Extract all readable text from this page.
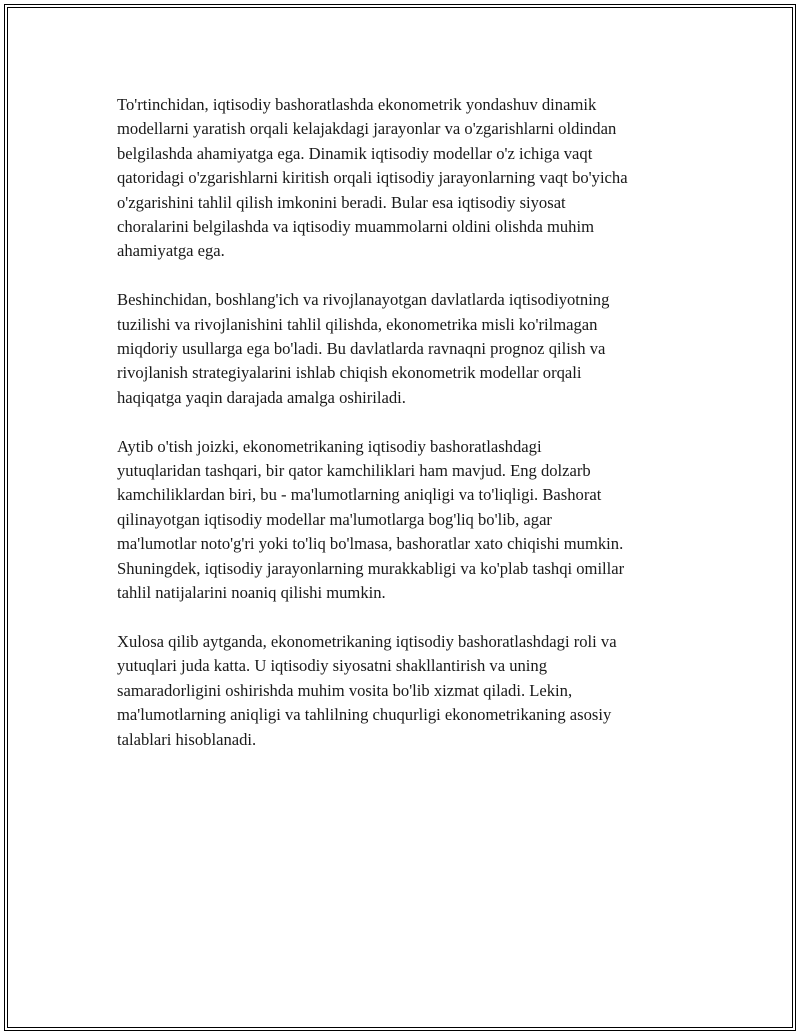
To'rtinchidan, iqtisodiy bashoratlashda ekonometrik yondashuv dinamik
modellarni yaratish orqali kelajakdagi jarayonlar va o'zgarishlarni oldindan
belgilashda ahamiyatga ega. Dinamik iqtisodiy modellar o'z ichiga vaqt
qatoridagi o'zgarishlarni kiritish orqali iqtisodiy jarayonlarning vaqt bo'yicha
o'zgarishini tahlil qilish imkonini beradi. Bular esa iqtisodiy siyosat
choralarini belgilashda va iqtisodiy muammolarni oldini olishda muhim
ahamiyatga ega.

Beshinchidan, boshlang'ich va rivojlanayotgan davlatlarda iqtisodiyotning
tuzilishi va rivojlanishini tahlil qilishda, ekonometrika misli ko'rilmagan
miqdoriy usullarga ega bo'ladi. Bu davlatlarda ravnaqni prognoz qilish va
rivojlanish strategiyalarini ishlab chiqish ekonometrik modellar orqali
haqiqatga yaqin darajada amalga oshiriladi.

Aytib o'tish joizki, ekonometrikaning iqtisodiy bashoratlashdagi
yutuqlaridan tashqari, bir qator kamchiliklari ham mavjud. Eng dolzarb
kamchiliklardan biri, bu - ma'lumotlarning aniqligi va to'liqligi. Bashorat
qilinayotgan iqtisodiy modellar ma'lumotlarga bog'liq bo'lib, agar
ma'lumotlar noto'g'ri yoki to'liq bo'lmasa, bashoratlar xato chiqishi mumkin.
Shuningdek, iqtisodiy jarayonlarning murakkabligi va ko'plab tashqi omillar
tahlil natijalarini noaniq qilishi mumkin.

Xulosa qilib aytganda, ekonometrikaning iqtisodiy bashoratlashdagi roli va
yutuqlari juda katta. U iqtisodiy siyosatni shakllantirish va uning
samaradorligini oshirishda muhim vosita bo'lib xizmat qiladi. Lekin,
ma'lumotlarning aniqligi va tahlilning chuqurligi ekonometrikaning asosiy
talablari hisoblanadi.
